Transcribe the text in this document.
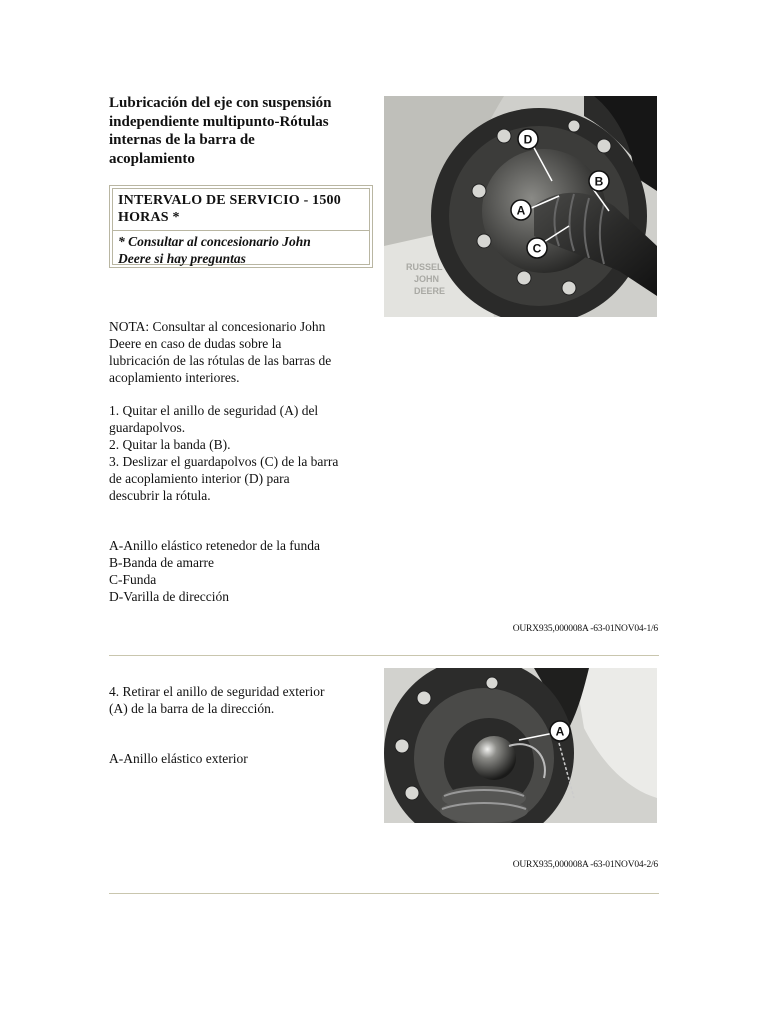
Lubricación del eje con suspensión
independiente multipunto-Rótulas
internas de la barra de
acoplamiento
INTERVALO DE SERVICIO - 1500
HORAS *
* Consultar al concesionario John
Deere si hay preguntas
RUSSEL
JOHN
DEERE
D
B
A
C
NOTA: Consultar al concesionario John
Deere en caso de dudas sobre la
lubricación de las rótulas de las barras de
acoplamiento interiores.
1. Quitar el anillo de seguridad (A) del
guardapolvos.
2. Quitar la banda (B).
3. Deslizar el guardapolvos (C) de la barra
de acoplamiento interior (D) para
descubrir la rótula.
A-Anillo elástico retenedor de la funda
B-Banda de amarre
C-Funda
D-Varilla de dirección
OURX935,000008A -63-01NOV04-1/6
4. Retirar el anillo de seguridad exterior
(A) de la barra de la dirección.
A-Anillo elástico exterior
A
OURX935,000008A -63-01NOV04-2/6
